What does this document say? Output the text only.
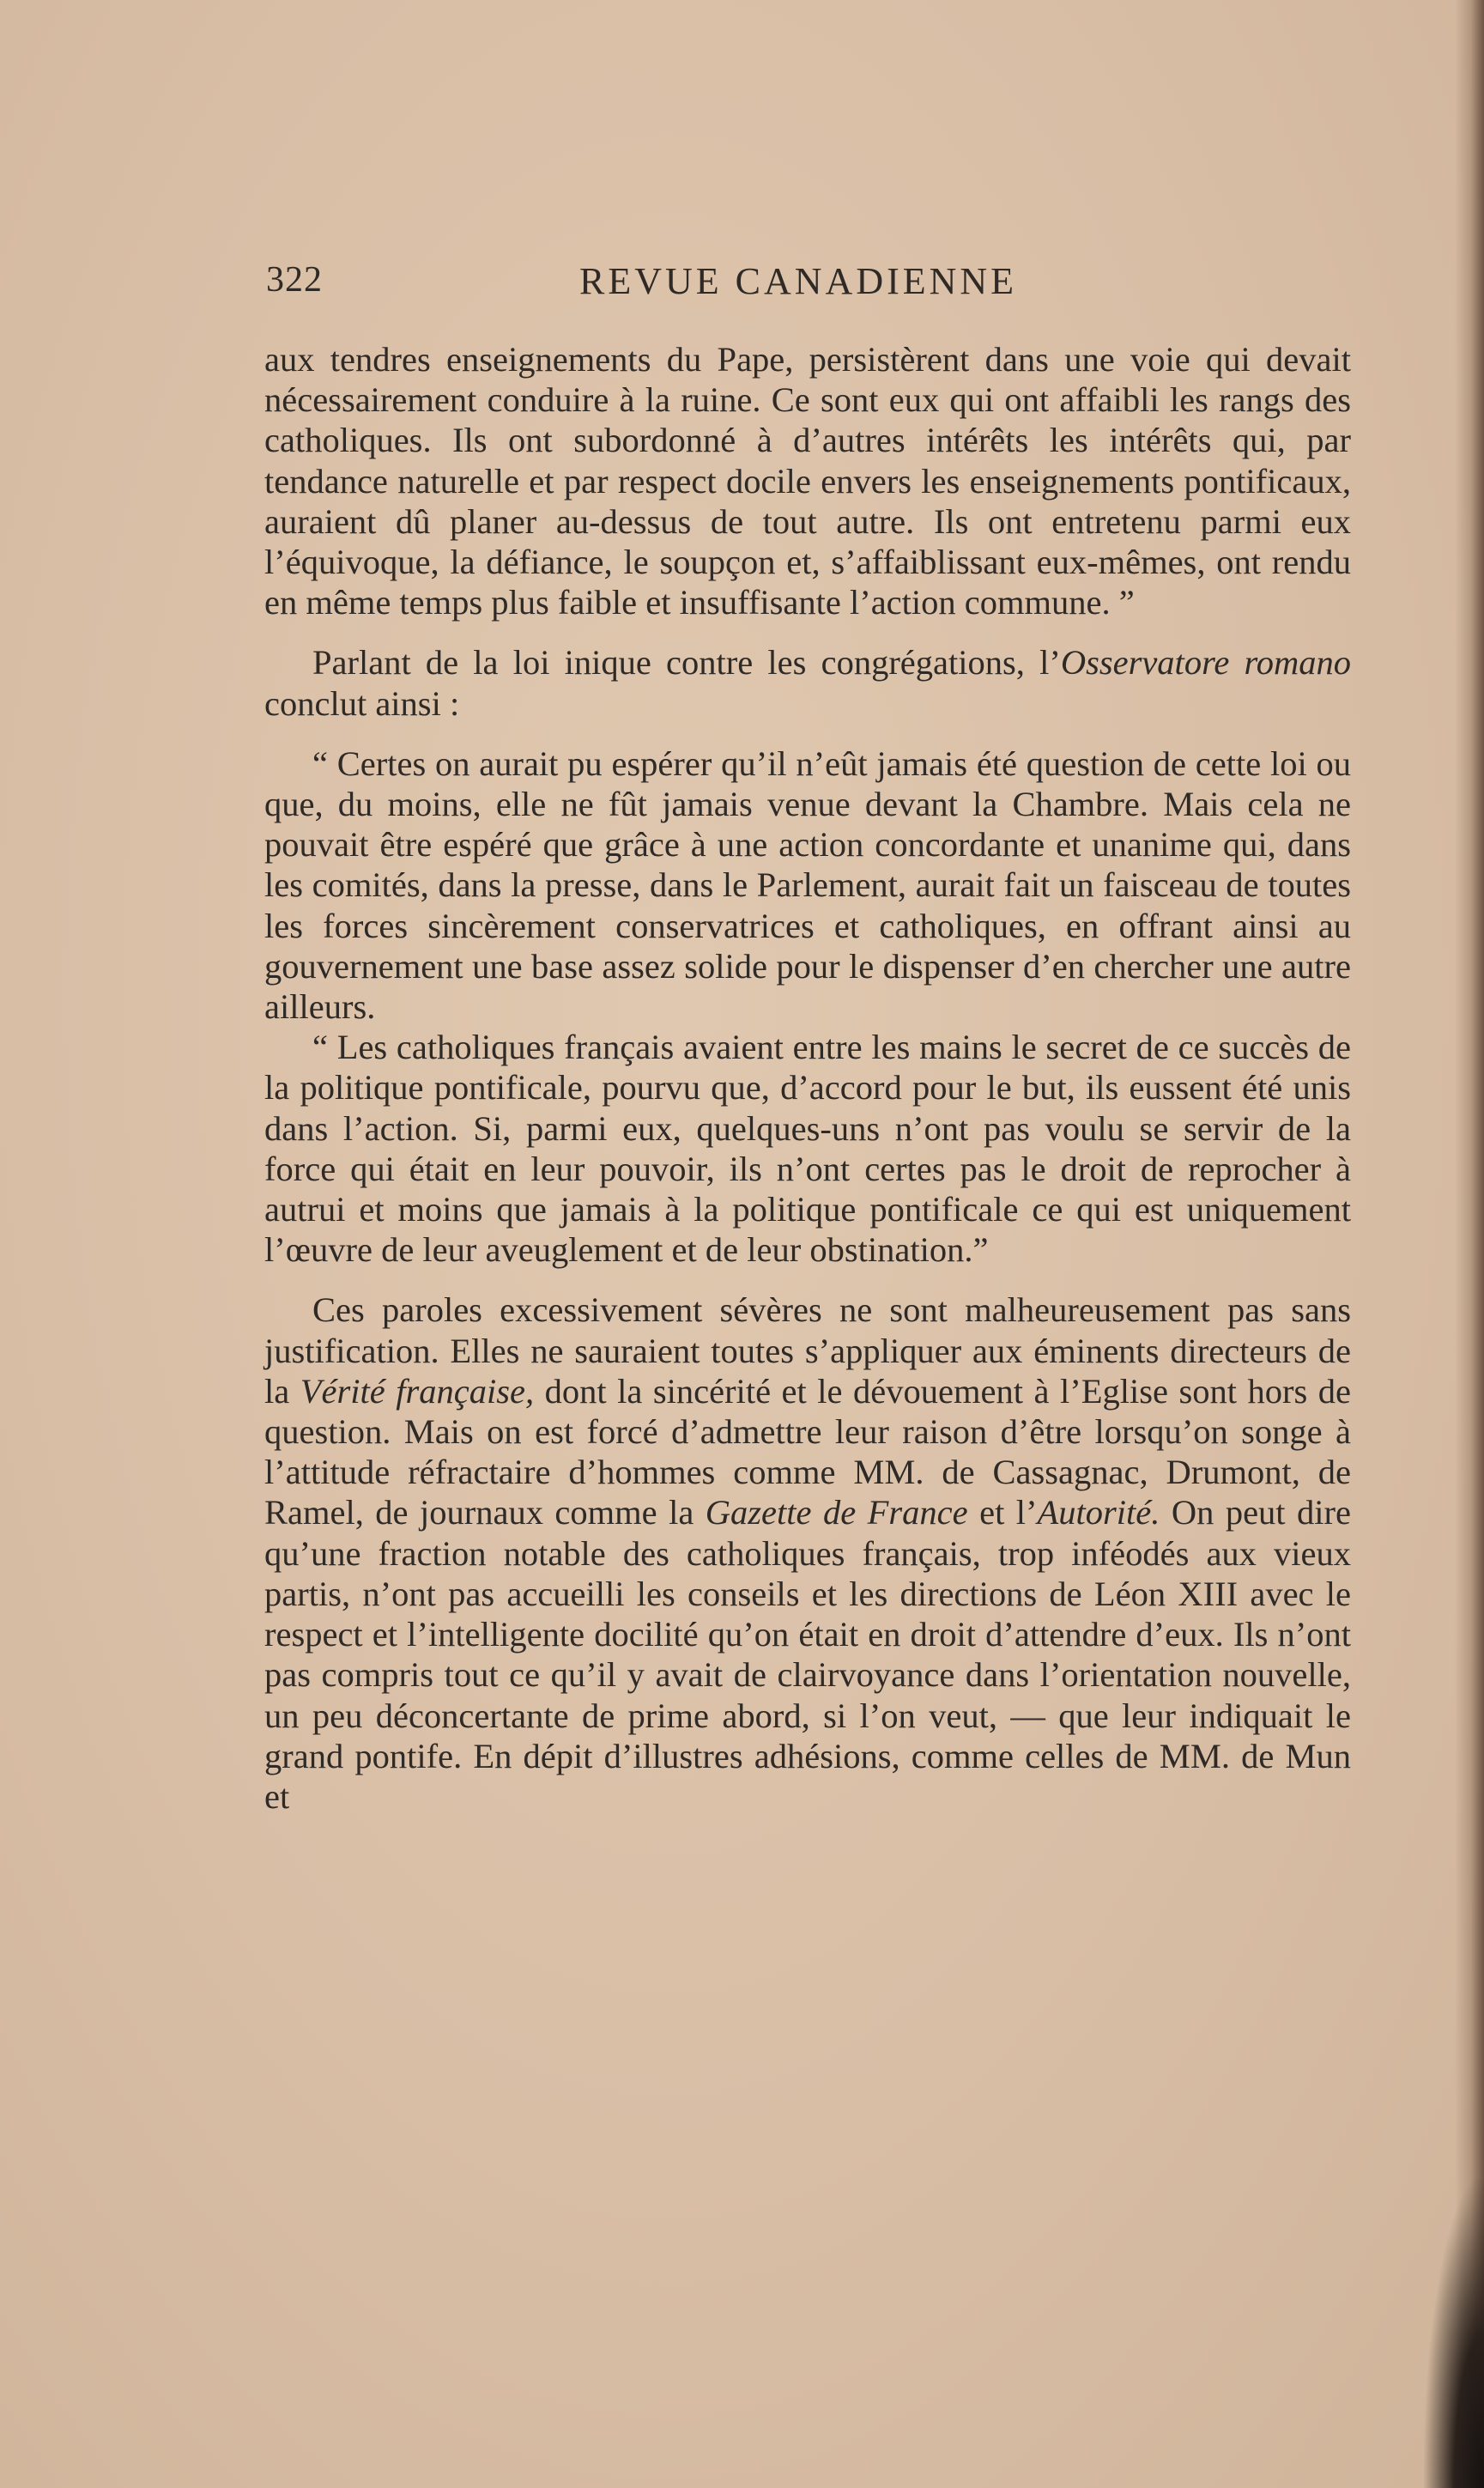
322	REVUE CANADIENNE

aux tendres enseignements du Pape, persistèrent dans une voie qui devait nécessairement conduire à la ruine. Ce sont eux qui ont affaibli les rangs des catholiques. Ils ont subordonné à d’autres intérêts les intérêts qui, par tendance naturelle et par respect docile envers les enseignements pontificaux, auraient dû planer au-dessus de tout autre. Ils ont entretenu parmi eux l’équivoque, la défiance, le soupçon et, s’affaiblissant eux-mêmes, ont rendu en même temps plus faible et insuffisante l’action commune. ”

Parlant de la loi inique contre les congrégations, l’Osservatore romano conclut ainsi :

“ Certes on aurait pu espérer qu’il n’eût jamais été question de cette loi ou que, du moins, elle ne fût jamais venue devant la Chambre. Mais cela ne pouvait être espéré que grâce à une action concordante et unanime qui, dans les comités, dans la presse, dans le Parlement, aurait fait un faisceau de toutes les forces sincèrement conservatrices et catholiques, en offrant ainsi au gouvernement une base assez solide pour le dispenser d’en chercher une autre ailleurs.

“ Les catholiques français avaient entre les mains le secret de ce succès de la politique pontificale, pourvu que, d’accord pour le but, ils eussent été unis dans l’action. Si, parmi eux, quelques-uns n’ont pas voulu se servir de la force qui était en leur pouvoir, ils n’ont certes pas le droit de reprocher à autrui et moins que jamais à la politique pontificale ce qui est uniquement l’œuvre de leur aveuglement et de leur obstination.”

Ces paroles excessivement sévères ne sont malheureusement pas sans justification. Elles ne sauraient toutes s’appliquer aux éminents directeurs de la Vérité française, dont la sincérité et le dévouement à l’Eglise sont hors de question. Mais on est forcé d’admettre leur raison d’être lorsqu’on songe à l’attitude réfractaire d’hommes comme MM. de Cassagnac, Drumont, de Ramel, de journaux comme la Gazette de France et l’Autorité. On peut dire qu’une fraction notable des catholiques français, trop inféodés aux vieux partis, n’ont pas accueilli les conseils et les directions de Léon XIII avec le respect et l’intelligente docilité qu’on était en droit d’attendre d’eux. Ils n’ont pas compris tout ce qu’il y avait de clairvoyance dans l’orientation nouvelle, un peu déconcertante de prime abord, si l’on veut, — que leur indiquait le grand pontife. En dépit d’illustres adhésions, comme celles de MM. de Mun et
